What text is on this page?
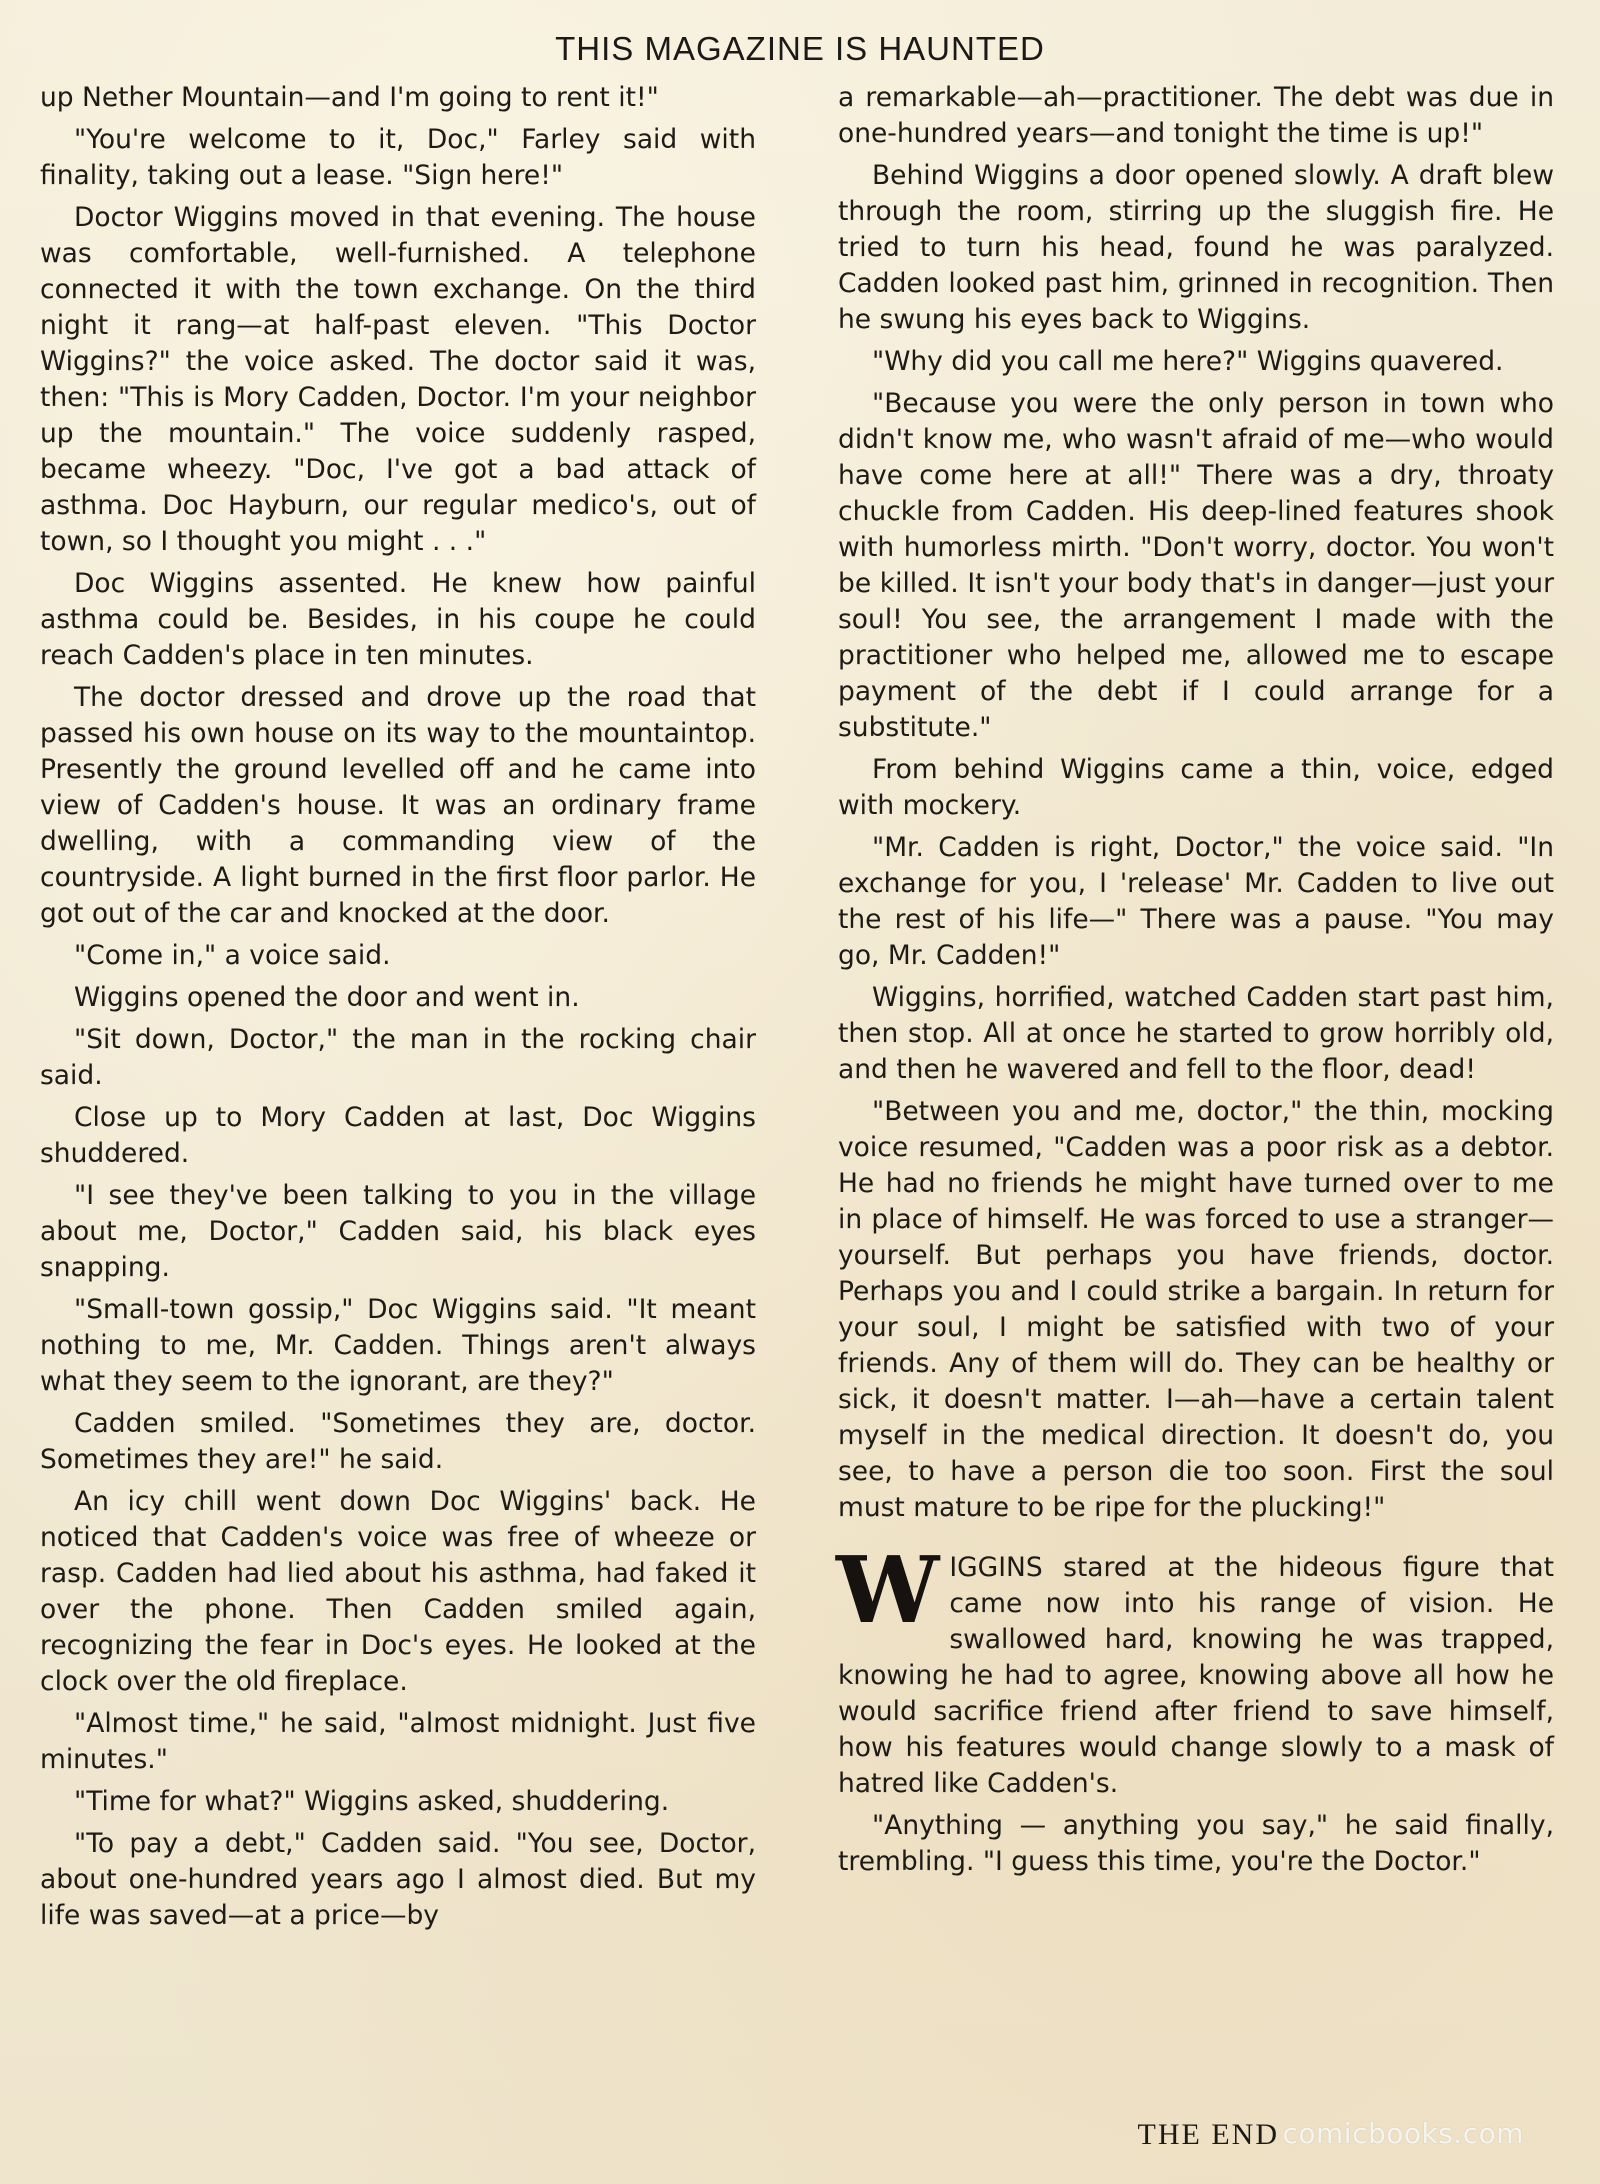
THIS MAGAZINE IS HAUNTED

up Nether Mountain—and I'm going to rent it!"

"You're welcome to it, Doc," Farley said with finality, taking out a lease. "Sign here!"

Doctor Wiggins moved in that evening. The house was comfortable, well-furnished. A telephone connected it with the town exchange. On the third night it rang—at half-past eleven. "This Doctor Wiggins?" the voice asked. The doctor said it was, then: "This is Mory Cadden, Doctor. I'm your neighbor up the mountain." The voice suddenly rasped, became wheezy. "Doc, I've got a bad attack of asthma. Doc Hayburn, our regular medico's, out of town, so I thought you might . . ."

Doc Wiggins assented. He knew how painful asthma could be. Besides, in his coupe he could reach Cadden's place in ten minutes.

The doctor dressed and drove up the road that passed his own house on its way to the mountaintop. Presently the ground levelled off and he came into view of Cadden's house. It was an ordinary frame dwelling, with a commanding view of the countryside. A light burned in the first floor parlor. He got out of the car and knocked at the door.

"Come in," a voice said.

Wiggins opened the door and went in.

"Sit down, Doctor," the man in the rocking chair said.

Close up to Mory Cadden at last, Doc Wiggins shuddered.

"I see they've been talking to you in the village about me, Doctor," Cadden said, his black eyes snapping.

"Small-town gossip," Doc Wiggins said. "It meant nothing to me, Mr. Cadden. Things aren't always what they seem to the ignorant, are they?"

Cadden smiled. "Sometimes they are, doctor. Sometimes they are!" he said.

An icy chill went down Doc Wiggins' back. He noticed that Cadden's voice was free of wheeze or rasp. Cadden had lied about his asthma, had faked it over the phone. Then Cadden smiled again, recognizing the fear in Doc's eyes. He looked at the clock over the old fireplace.

"Almost time," he said, "almost midnight. Just five minutes."

"Time for what?" Wiggins asked, shuddering.

"To pay a debt," Cadden said. "You see, Doctor, about one-hundred years ago I almost died. But my life was saved—at a price—by

a remarkable—ah—practitioner. The debt was due in one-hundred years—and tonight the time is up!"

Behind Wiggins a door opened slowly. A draft blew through the room, stirring up the sluggish fire. He tried to turn his head, found he was paralyzed. Cadden looked past him, grinned in recognition. Then he swung his eyes back to Wiggins.

"Why did you call me here?" Wiggins quavered.

"Because you were the only person in town who didn't know me, who wasn't afraid of me—who would have come here at all!" There was a dry, throaty chuckle from Cadden. His deep-lined features shook with humorless mirth. "Don't worry, doctor. You won't be killed. It isn't your body that's in danger—just your soul! You see, the arrangement I made with the practitioner who helped me, allowed me to escape payment of the debt if I could arrange for a substitute."

From behind Wiggins came a thin, voice, edged with mockery.

"Mr. Cadden is right, Doctor," the voice said. "In exchange for you, I 'release' Mr. Cadden to live out the rest of his life—" There was a pause. "You may go, Mr. Cadden!"

Wiggins, horrified, watched Cadden start past him, then stop. All at once he started to grow horribly old, and then he wavered and fell to the floor, dead!

"Between you and me, doctor," the thin, mocking voice resumed, "Cadden was a poor risk as a debtor. He had no friends he might have turned over to me in place of himself. He was forced to use a stranger—yourself. But perhaps you have friends, doctor. Perhaps you and I could strike a bargain. In return for your soul, I might be satisfied with two of your friends. Any of them will do. They can be healthy or sick, it doesn't matter. I—ah—have a certain talent myself in the medical direction. It doesn't do, you see, to have a person die too soon. First the soul must mature to be ripe for the plucking!"

WIGGINS stared at the hideous figure that came now into his range of vision. He swallowed hard, knowing he was trapped, knowing he had to agree, knowing above all how he would sacrifice friend after friend to save himself, how his features would change slowly to a mask of hatred like Cadden's.

"Anything — anything you say," he said finally, trembling. "I guess this time, you're the Doctor."

THE END comicbooks.com
